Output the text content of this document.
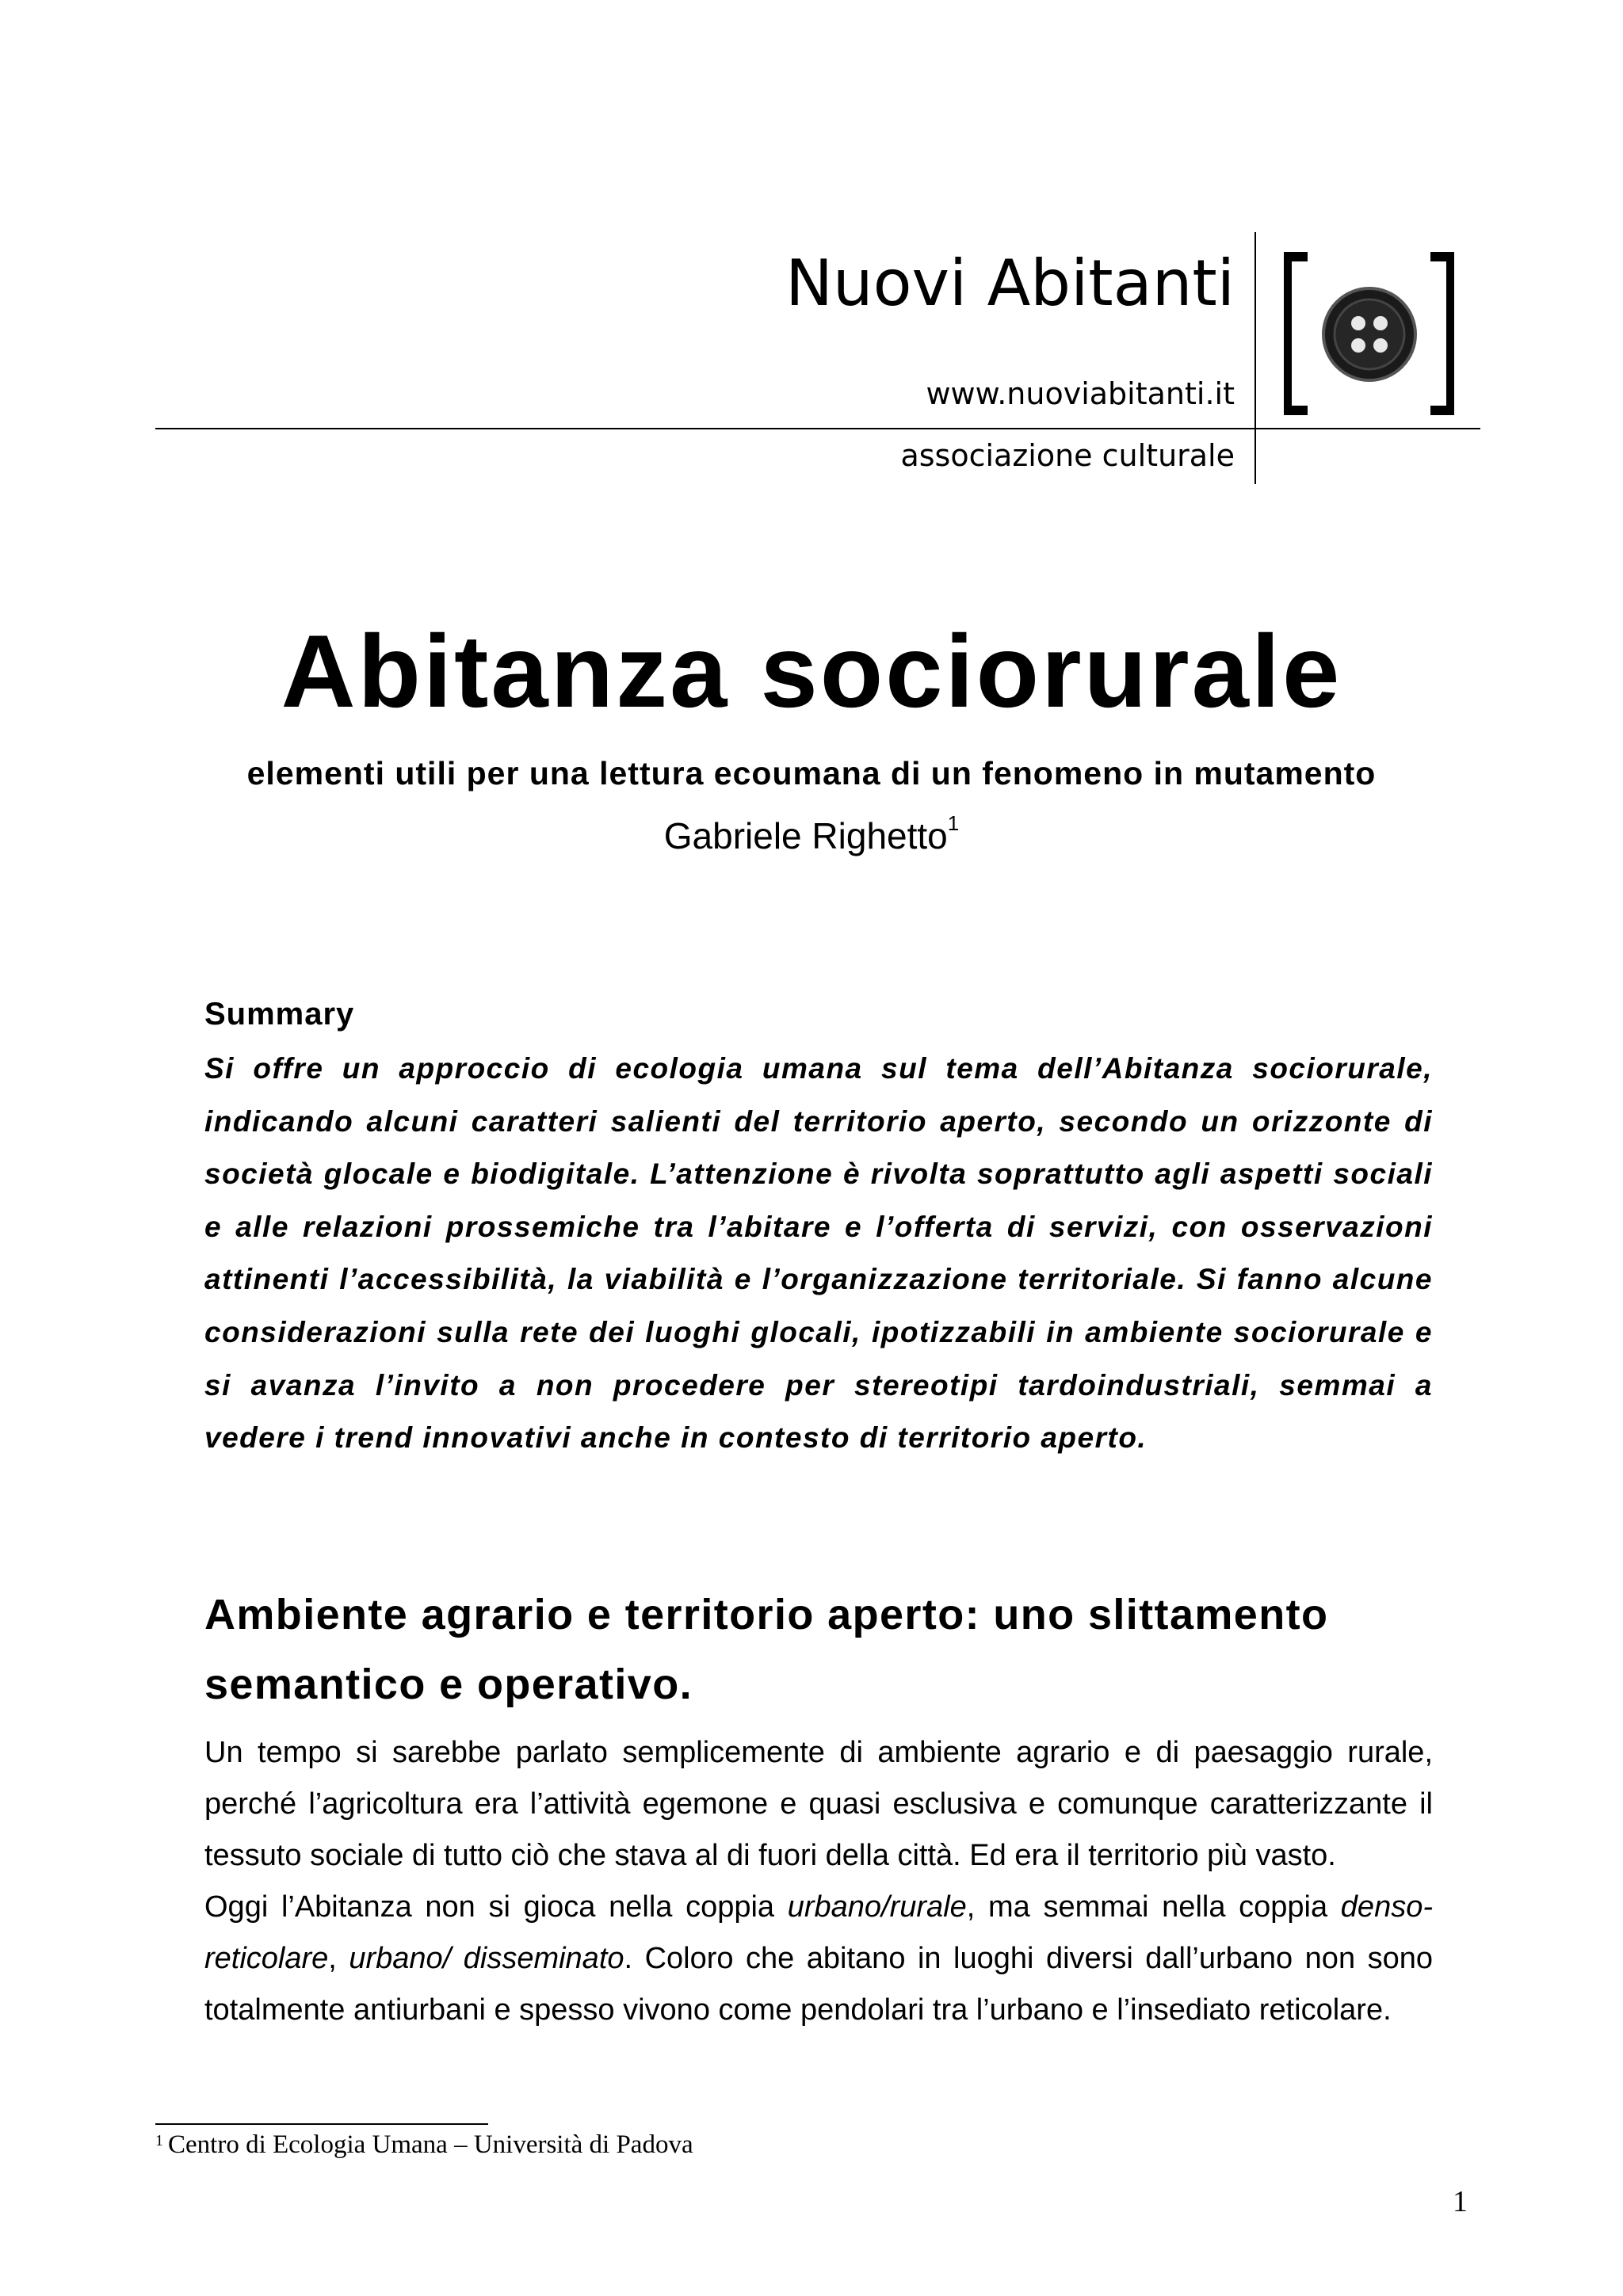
Nuovi Abitanti
www.nuoviabitanti.it
associazione culturale
Abitanza sociorurale
elementi utili per una lettura ecoumana di un fenomeno in mutamento
Gabriele Righetto$^1$
Summary
Si offre un approccio di ecologia umana sul tema dell’Abitanza sociorurale, indicando alcuni caratteri salienti del territorio aperto, secondo un orizzonte di società glocale e biodigitale. L’attenzione è rivolta soprattutto agli aspetti sociali e alle relazioni prossemiche tra l’abitare e l’offerta di servizi, con osservazioni attinenti l’accessibilità, la viabilità e l’organizzazione territoriale. Si fanno alcune considerazioni sulla rete dei luoghi glocali, ipotizzabili in ambiente sociorurale e si avanza l’invito a non procedere per stereotipi tardoindustriali, semmai a vedere i trend innovativi anche in contesto di territorio aperto.
Ambiente agrario e territorio aperto: uno slittamento semantico e operativo.

Un tempo si sarebbe parlato semplicemente di ambiente agrario e di paesaggio rurale, perché l’agricoltura era l’attività egemone e quasi esclusiva e comunque caratterizzante il tessuto sociale di tutto ciò che stava al di fuori della città. Ed era il territorio più vasto.

Oggi l’Abitanza non si gioca nella coppia urbano/rurale, ma semmai nella coppia denso-reticolare, urbano/ disseminato. Coloro che abitano in luoghi diversi dall’urbano non sono totalmente antiurbani e spesso vivono come pendolari tra l’urbano e l’insediato reticolare.

$^1$ Centro di Ecologia Umana – Università di Padova
1
